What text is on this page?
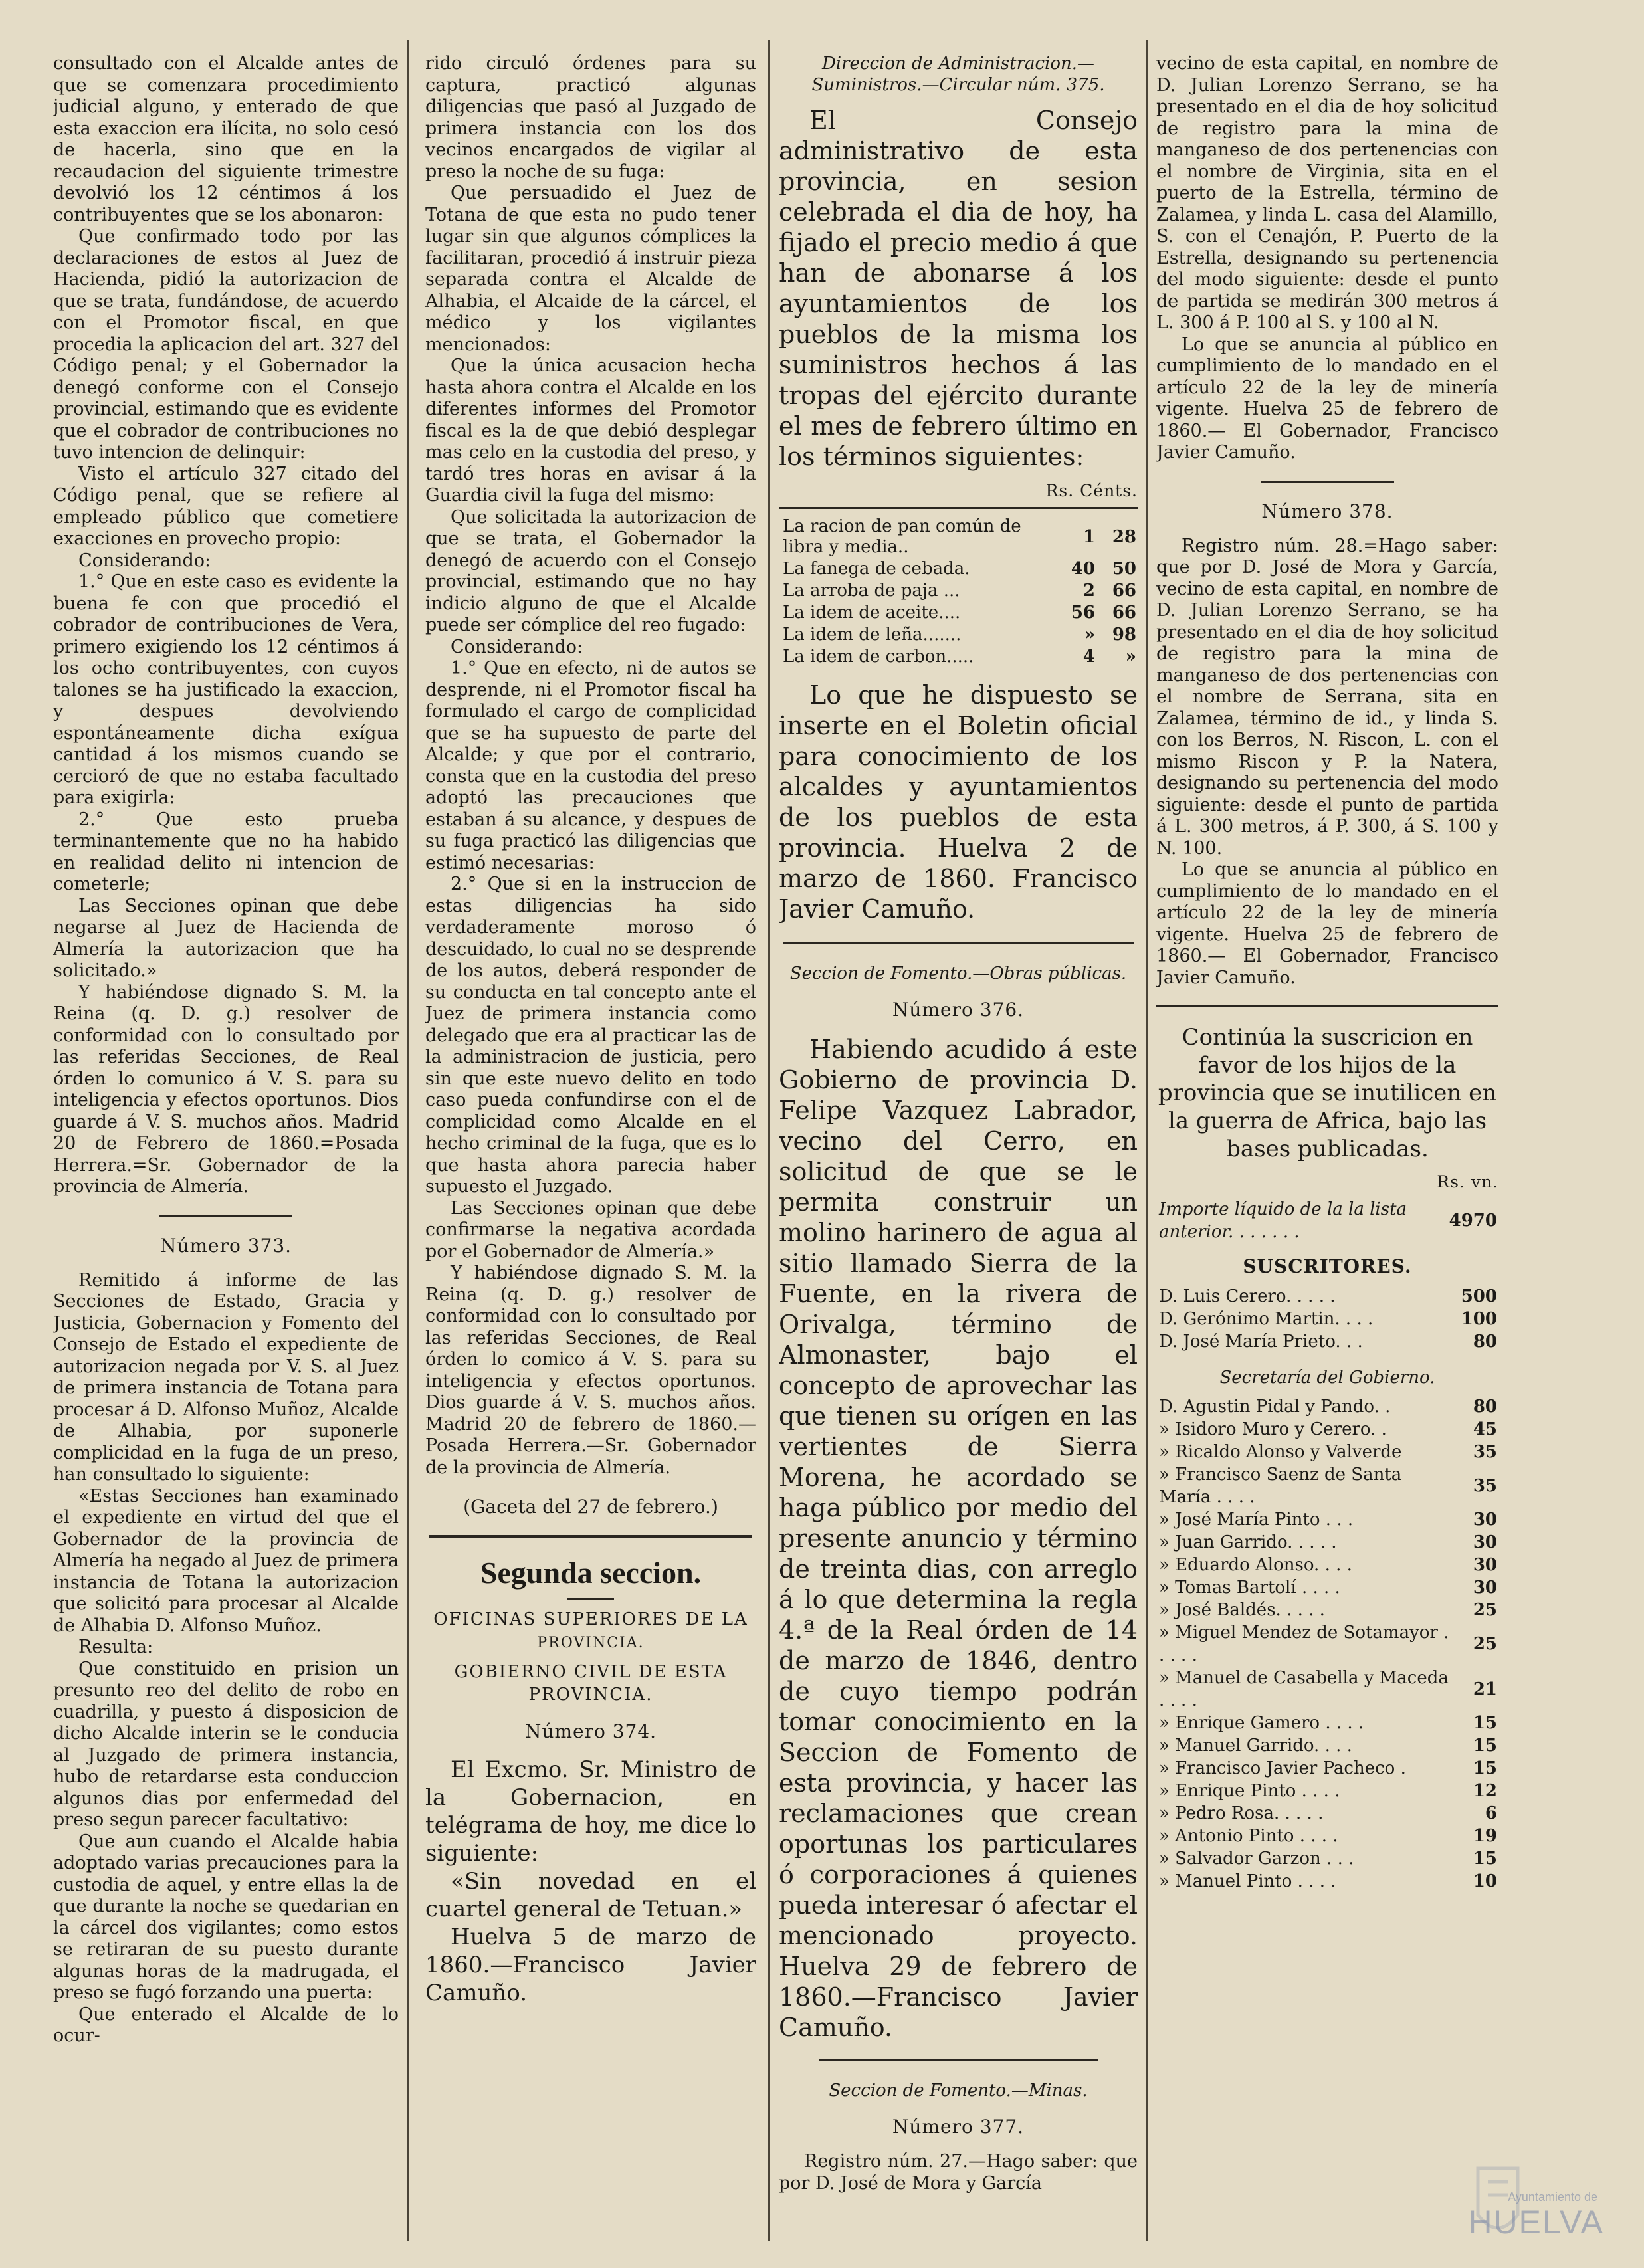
consultado con el Alcalde antes de que se comenzara procedimiento judicial alguno, y enterado de que esta exaccion era ilícita, no solo cesó de hacerla, sino que en la recaudacion del siguiente trimestre devolvió los 12 céntimos á los contribuyentes que se los abonaron:

Que confirmado todo por las declaraciones de estos al Juez de Hacienda, pidió la autorizacion de que se trata, fundándose, de acuerdo con el Promotor fiscal, en que procedia la aplicacion del art. 327 del Código penal; y el Gobernador la denegó conforme con el Consejo provincial, estimando que es evidente que el cobrador de contribuciones no tuvo intencion de delinquir:

Visto el artículo 327 citado del Código penal, que se refiere al empleado público que cometiere exacciones en provecho propio:

Considerando:

1.° Que en este caso es evidente la buena fe con que procedió el cobrador de contribuciones de Vera, primero exigiendo los 12 céntimos á los ocho contribuyentes, con cuyos talones se ha justificado la exaccion, y despues devolviendo espontáneamente dicha exígua cantidad á los mismos cuando se cercioró de que no estaba facultado para exigirla:

2.° Que esto prueba terminantemente que no ha habido en realidad delito ni intencion de cometerle;

Las Secciones opinan que debe negarse al Juez de Hacienda de Almería la autorizacion que ha solicitado.»

Y habiéndose dignado S. M. la Reina (q. D. g.) resolver de conformidad con lo consultado por las referidas Secciones, de Real órden lo comunico á V. S. para su inteligencia y efectos oportunos. Dios guarde á V. S. muchos años. Madrid 20 de Febrero de 1860.=Posada Herrera.=Sr. Gobernador de la provincia de Almería.

Número 373.

Remitido á informe de las Secciones de Estado, Gracia y Justicia, Gobernacion y Fomento del Consejo de Estado el expediente de autorizacion negada por V. S. al Juez de primera instancia de Totana para procesar á D. Alfonso Muñoz, Alcalde de Alhabia, por suponerle complicidad en la fuga de un preso, han consultado lo siguiente:

«Estas Secciones han examinado el expediente en virtud del que el Gobernador de la provincia de Almería ha negado al Juez de primera instancia de Totana la autorizacion que solicitó para procesar al Alcalde de Alhabia D. Alfonso Muñoz.

Resulta:

Que constituido en prision un presunto reo del delito de robo en cuadrilla, y puesto á disposicion de dicho Alcalde interin se le conducia al Juzgado de primera instancia, hubo de retardarse esta conduccion algunos dias por enfermedad del preso segun parecer facultativo:

Que aun cuando el Alcalde habia adoptado varias precauciones para la custodia de aquel, y entre ellas la de que durante la noche se quedarian en la cárcel dos vigilantes; como estos se retiraran de su puesto durante algunas horas de la madrugada, el preso se fugó forzando una puerta:

Que enterado el Alcalde de lo ocur-

rido circuló órdenes para su captura, practicó algunas diligencias que pasó al Juzgado de primera instancia con los dos vecinos encargados de vigilar al preso la noche de su fuga:

Que persuadido el Juez de Totana de que esta no pudo tener lugar sin que algunos cómplices la facilitaran, procedió á instruir pieza separada contra el Alcalde de Alhabia, el Alcaide de la cárcel, el médico y los vigilantes mencionados:

Que la única acusacion hecha hasta ahora contra el Alcalde en los diferentes informes del Promotor fiscal es la de que debió desplegar mas celo en la custodia del preso, y tardó tres horas en avisar á la Guardia civil la fuga del mismo:

Que solicitada la autorizacion de que se trata, el Gobernador la denegó de acuerdo con el Consejo provincial, estimando que no hay indicio alguno de que el Alcalde puede ser cómplice del reo fugado:

Considerando:

1.° Que en efecto, ni de autos se desprende, ni el Promotor fiscal ha formulado el cargo de complicidad que se ha supuesto de parte del Alcalde; y que por el contrario, consta que en la custodia del preso adoptó las precauciones que estaban á su alcance, y despues de su fuga practicó las diligencias que estimó necesarias:

2.° Que si en la instruccion de estas diligencias ha sido verdaderamente moroso ó descuidado, lo cual no se desprende de los autos, deberá responder de su conducta en tal concepto ante el Juez de primera instancia como delegado que era al practicar las de la administracion de justicia, pero sin que este nuevo delito en todo caso pueda confundirse con el de complicidad como Alcalde en el hecho criminal de la fuga, que es lo que hasta ahora parecia haber supuesto el Juzgado.

Las Secciones opinan que debe confirmarse la negativa acordada por el Gobernador de Almería.»

Y habiéndose dignado S. M. la Reina (q. D. g.) resolver de conformidad con lo consultado por las referidas Secciones, de Real órden lo comico á V. S. para su inteligencia y efectos oportunos. Dios guarde á V. S. muchos años. Madrid 20 de febrero de 1860.—Posada Herrera.—Sr. Gobernador de la provincia de Almería.

(Gaceta del 27 de febrero.)

Segunda seccion.

OFICINAS SUPERIORES DE LA

PROVINCIA.

GOBIERNO CIVIL DE ESTA PROVINCIA.

Número 374.

El Excmo. Sr. Ministro de la Gobernacion, en telégrama de hoy, me dice lo siguiente:

«Sin novedad en el cuartel general de Tetuan.»

Huelva 5 de marzo de 1860.—Francisco Javier Camuño.

Direccion de Administracion.—Suministros.—Circular núm. 375.

El Consejo administrativo de esta provincia, en sesion celebrada el dia de hoy, ha fijado el precio medio á que han de abonarse á los ayuntamientos de los pueblos de la misma los suministros hechos á las tropas del ejército durante el mes de febrero último en los términos siguientes:

Rs. Cénts.

La racion de pan común de libra y media..	1	28
La fanega de cebada.	40	50
La arroba de paja ...	2	66
La idem de aceite....	56	66
La idem de leña.......	»	98
La idem de carbon.....	4	»

Lo que he dispuesto se inserte en el Boletin oficial para conocimiento de los alcaldes y ayuntamientos de los pueblos de esta provincia. Huelva 2 de marzo de 1860. Francisco Javier Camuño.

Seccion de Fomento.—Obras públicas.

Número 376.

Habiendo acudido á este Gobierno de provincia D. Felipe Vazquez Labrador, vecino del Cerro, en solicitud de que se le permita construir un molino harinero de agua al sitio llamado Sierra de la Fuente, en la rivera de Orivalga, término de Almonaster, bajo el concepto de aprovechar las que tienen su orígen en las vertientes de Sierra Morena, he acordado se haga público por medio del presente anuncio y término de treinta dias, con arreglo á lo que determina la regla 4.ª de la Real órden de 14 de marzo de 1846, dentro de cuyo tiempo podrán tomar conocimiento en la Seccion de Fomento de esta provincia, y hacer las reclamaciones que crean oportunas los particulares ó corporaciones á quienes pueda interesar ó afectar el mencionado proyecto. Huelva 29 de febrero de 1860.—Francisco Javier Camuño.

Seccion de Fomento.—Minas.

Número 377.

Registro núm. 27.—Hago saber: que por D. José de Mora y García

vecino de esta capital, en nombre de D. Julian Lorenzo Serrano, se ha presentado en el dia de hoy solicitud de registro para la mina de manganeso de dos pertenencias con el nombre de Virginia, sita en el puerto de la Estrella, término de Zalamea, y linda L. casa del Alamillo, S. con el Cenajón, P. Puerto de la Estrella, designando su pertenencia del modo siguiente: desde el punto de partida se medirán 300 metros á L. 300 á P. 100 al S. y 100 al N.

Lo que se anuncia al público en cumplimiento de lo mandado en el artículo 22 de la ley de minería vigente. Huelva 25 de febrero de 1860.— El Gobernador, Francisco Javier Camuño.

Número 378.

Registro núm. 28.=Hago saber: que por D. José de Mora y García, vecino de esta capital, en nombre de D. Julian Lorenzo Serrano, se ha presentado en el dia de hoy solicitud de registro para la mina de manganeso de dos pertenencias con el nombre de Serrana, sita en Zalamea, término de id., y linda S. con los Berros, N. Riscon, L. con el mismo Riscon y P. la Natera, designando su pertenencia del modo siguiente: desde el punto de partida á L. 300 metros, á P. 300, á S. 100 y N. 100.

Lo que se anuncia al público en cumplimiento de lo mandado en el artículo 22 de la ley de minería vigente. Huelva 25 de febrero de 1860.— El Gobernador, Francisco Javier Camuño.

Continúa la suscricion en favor de los hijos de la provincia que se inutilicen en la guerra de Africa, bajo las bases publicadas.

Rs. vn.

Importe líquido de la la lista anterior. . . . . . .	4970

SUSCRITORES.

D. Luis Cerero. . . . .	500
D. Gerónimo Martin. . . .	100
D. José María Prieto. . .	80

Secretaría del Gobierno.

D. Agustin Pidal y Pando. .	80
» Isidoro Muro y Cerero. .	45
» Ricaldo Alonso y Valverde	35
» Francisco Saenz de Santa María . . . .	35
» José María Pinto . . .	30
» Juan Garrido. . . . .	30
» Eduardo Alonso. . . .	30
» Tomas Bartolí . . . .	30
» José Baldés. . . . .	25
» Miguel Mendez de Sotamayor . . . . .	25
» Manuel de Casabella y Maceda . . . .	21
» Enrique Gamero . . . .	15
» Manuel Garrido. . . .	15
» Francisco Javier Pacheco .	15
» Enrique Pinto . . . .	12
» Pedro Rosa. . . . .	6
» Antonio Pinto . . . .	19
» Salvador Garzon . . .	15
» Manuel Pinto . . . .	10
Ayuntamiento de
HUELVA
